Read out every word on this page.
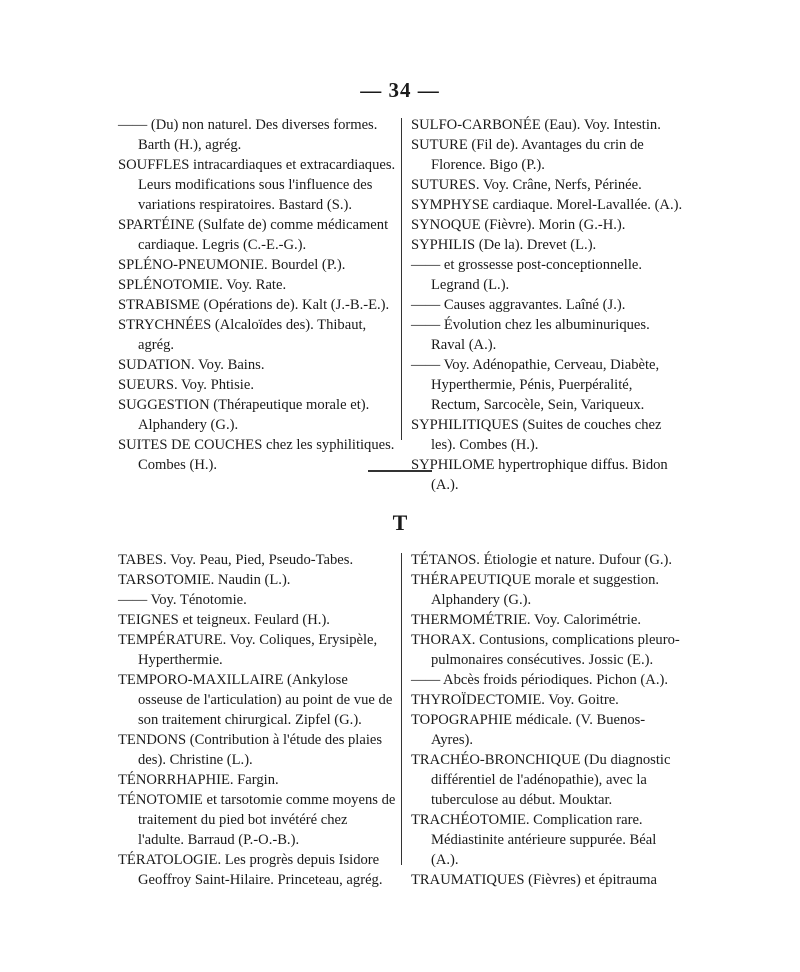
— 34 —

—— (Du) non naturel. Des diverses formes. Barth (H.), agrég.

SOUFFLES intracardiaques et extracardiaques. Leurs modifications sous l'influence des variations respiratoires. Bastard (S.).

SPARTÉINE (Sulfate de) comme médicament cardiaque. Legris (C.-E.-G.).

SPLÉNO-PNEUMONIE. Bourdel (P.).

SPLÉNOTOMIE. Voy. Rate.

STRABISME (Opérations de). Kalt (J.-B.-E.).

STRYCHNÉES (Alcaloïdes des). Thibaut, agrég.

SUDATION. Voy. Bains.

SUEURS. Voy. Phtisie.

SUGGESTION (Thérapeutique morale et). Alphandery (G.).

SUITES DE COUCHES chez les syphilitiques. Combes (H.).

SULFO-CARBONÉE (Eau). Voy. Intestin.

SUTURE (Fil de). Avantages du crin de Florence. Bigo (P.).

SUTURES. Voy. Crâne, Nerfs, Périnée.

SYMPHYSE cardiaque. Morel-Lavallée. (A.).

SYNOQUE (Fièvre). Morin (G.-H.).

SYPHILIS (De la). Drevet (L.).

—— et grossesse post-conceptionnelle. Legrand (L.).

—— Causes aggravantes. Laîné (J.).

—— Évolution chez les albuminuriques. Raval (A.).

—— Voy. Adénopathie, Cerveau, Diabète, Hyperthermie, Pénis, Puerpéralité, Rectum, Sarcocèle, Sein, Variqueux.

SYPHILITIQUES (Suites de couches chez les). Combes (H.).

SYPHILOME hypertrophique diffus. Bidon (A.).

T

TABES. Voy. Peau, Pied, Pseudo-Tabes.

TARSOTOMIE. Naudin (L.).

—— Voy. Ténotomie.

TEIGNES et teigneux. Feulard (H.).

TEMPÉRATURE. Voy. Coliques, Erysipèle, Hyperthermie.

TEMPORO-MAXILLAIRE (Ankylose osseuse de l'articulation) au point de vue de son traitement chirurgical. Zipfel (G.).

TENDONS (Contribution à l'étude des plaies des). Christine (L.).

TÉNORRHAPHIE. Fargin.

TÉNOTOMIE et tarsotomie comme moyens de traitement du pied bot invétéré chez l'adulte. Barraud (P.-O.-B.).

TÉRATOLOGIE. Les progrès depuis Isidore Geoffroy Saint-Hilaire. Princeteau, agrég.

TÉTANOS. Étiologie et nature. Dufour (G.).

THÉRAPEUTIQUE morale et suggestion. Alphandery (G.).

THERMOMÉTRIE. Voy. Calorimétrie.

THORAX. Contusions, complications pleuro-pulmonaires consécutives. Jossic (E.).

—— Abcès froids périodiques. Pichon (A.).

THYROÏDECTOMIE. Voy. Goitre.

TOPOGRAPHIE médicale. (V. Buenos-Ayres).

TRACHÉO-BRONCHIQUE (Du diagnostic différentiel de l'adénopathie), avec la tuberculose au début. Mouktar.

TRACHÉOTOMIE. Complication rare. Médiastinite antérieure suppurée. Béal (A.).

TRAUMATIQUES (Fièvres) et épitrauma
